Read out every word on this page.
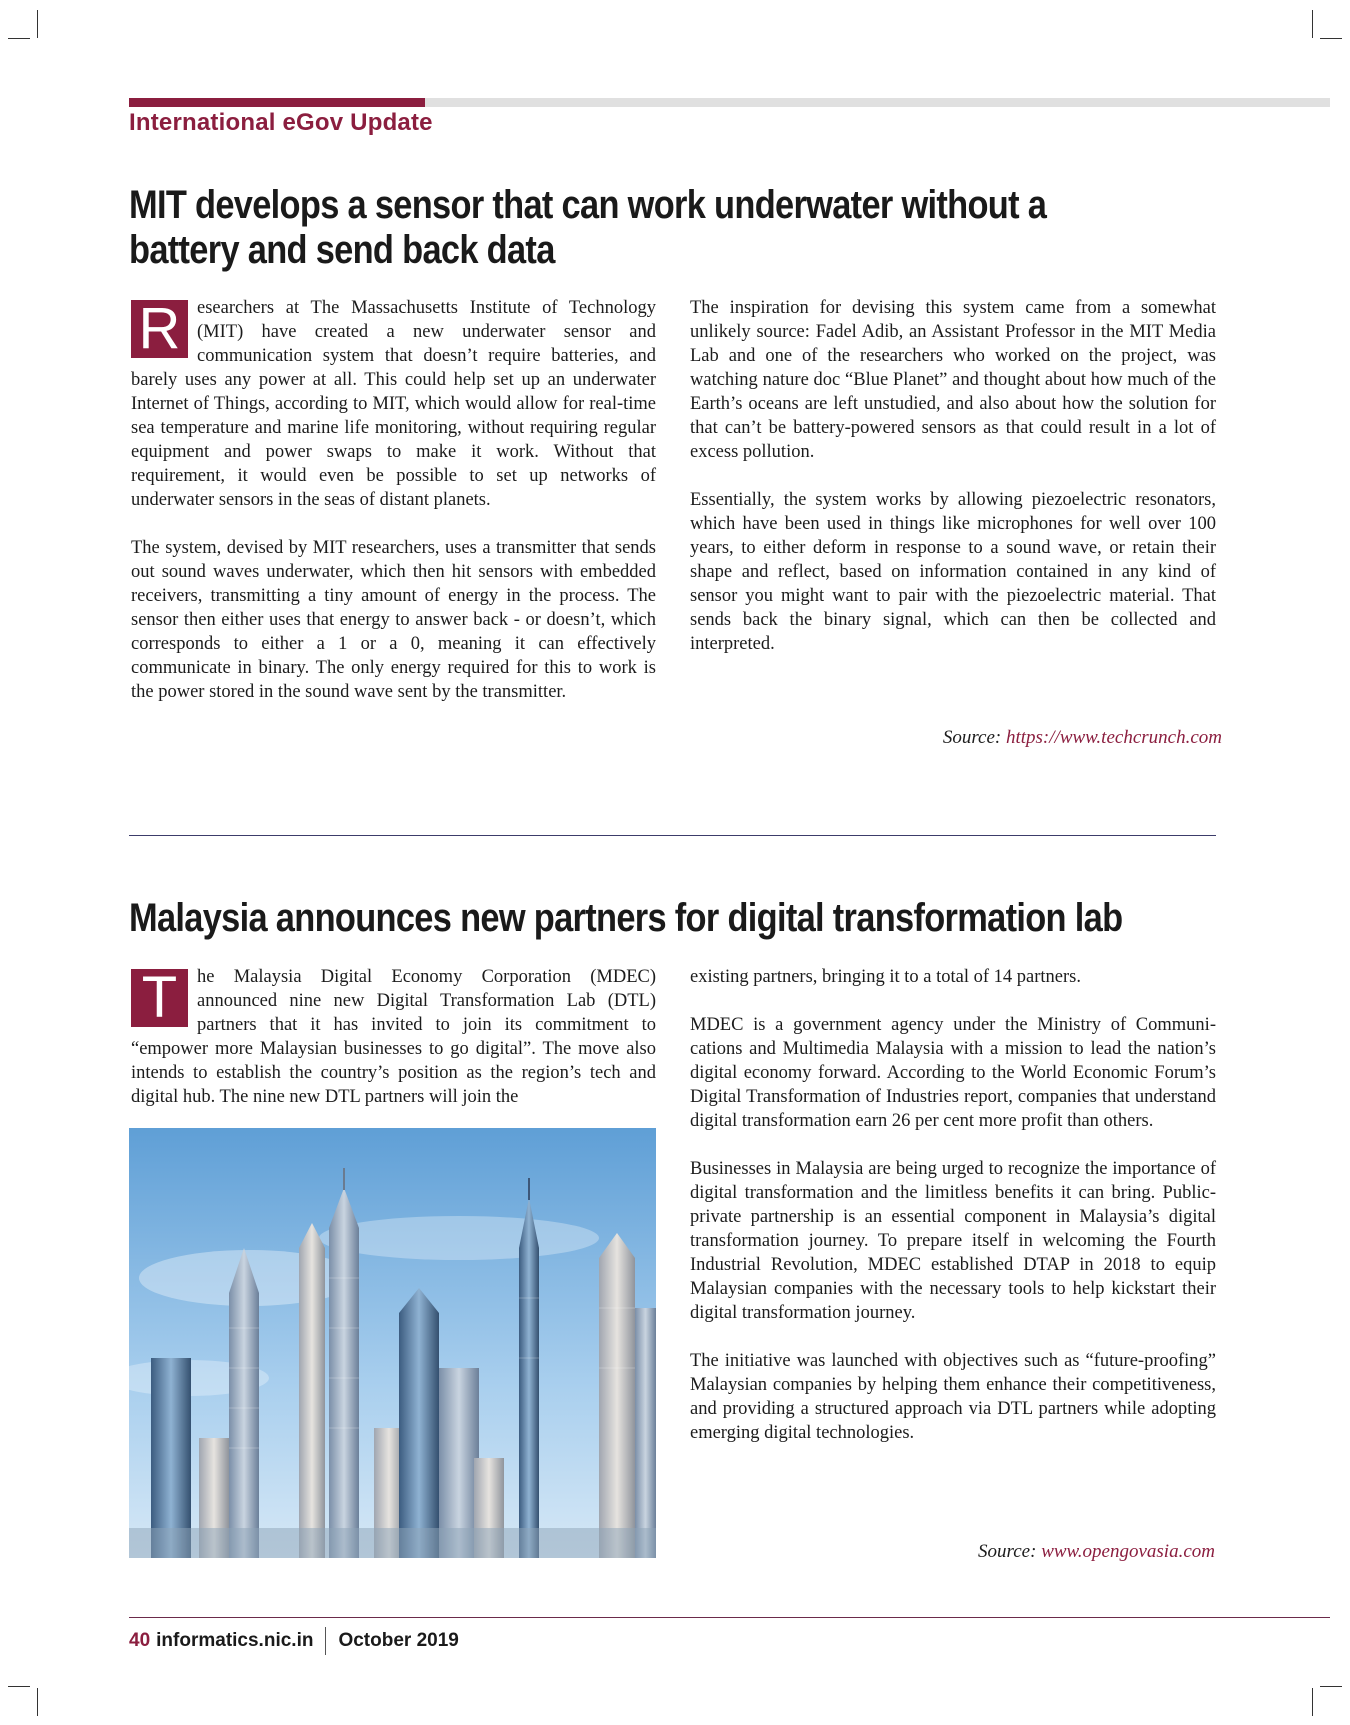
International eGov Update
MIT develops a sensor that can work underwater without a battery and send back data

R esearchers at The Massachusetts Institute of Technology (MIT) have created a new underwater sensor and communication system that doesn’t require batteries, and barely uses any power at all. This could help set up an underwater Internet of Things, according to MIT, which would allow for real-time sea temperature and marine life monitoring, without requiring regular equipment and power swaps to make it work. Without that requirement, it would even be possible to set up networks of underwater sensors in the seas of distant planets.

The system, devised by MIT researchers, uses a transmitter that sends out sound waves underwater, which then hit sensors with embedded receivers, transmitting a tiny amount of energy in the process. The sensor then either uses that energy to answer back - or doesn’t, which corresponds to either a 1 or a 0, meaning it can effectively communicate in binary. The only energy required for this to work is the power stored in the sound wave sent by the transmitter.

The inspiration for devising this system came from a somewhat unlikely source: Fadel Adib, an Assistant Professor in the MIT Media Lab and one of the researchers who worked on the project, was watching nature doc “Blue Planet” and thought about how much of the Earth’s oceans are left unstudied, and also about how the solution for that can’t be battery-powered sensors as that could result in a lot of excess pollution.

Essentially, the system works by allowing piezoelectric resonators, which have been used in things like microphones for well over 100 years, to either deform in response to a sound wave, or retain their shape and reflect, based on information contained in any kind of sensor you might want to pair with the piezoelectric material. That sends back the binary signal, which can then be collected and interpreted.

Source: https://www.techcrunch.com
Malaysia announces new partners for digital transformation lab

T	he Malaysia Digital Economy Corporation (MDEC) announced nine new Digital Transformation Lab (DTL) partners that it has invited to join its commitment to “empower more Malaysian businesses to go digital”. The move also intends to establish the country’s position as the region’s tech and digital hub. The nine new DTL partners will join the

existing partners, bringing it to a total of 14 partners.

MDEC is a government agency under the Ministry of Communications and Multimedia Malaysia with a mission to lead the nation’s digital economy forward. According to the World Economic Forum’s Digital Transformation of Industries report, companies that understand digital transformation earn 26 per cent more profit than others.

Businesses in Malaysia are being urged to recognize the importance of digital transformation and the limitless benefits it can bring. Public-private partnership is an essential component in Malaysia’s digital transformation journey. To prepare itself in welcoming the Fourth Industrial Revolution, MDEC established DTAP in 2018 to equip Malaysian companies with the necessary tools to help kickstart their digital transformation journey.

The initiative was launched with objectives such as “future-proofing” Malaysian companies by helping them enhance their competitiveness, and providing a structured approach via DTL partners while adopting emerging digital technologies.

Source: www.opengovasia.com
40 informatics.nic.in October 2019
